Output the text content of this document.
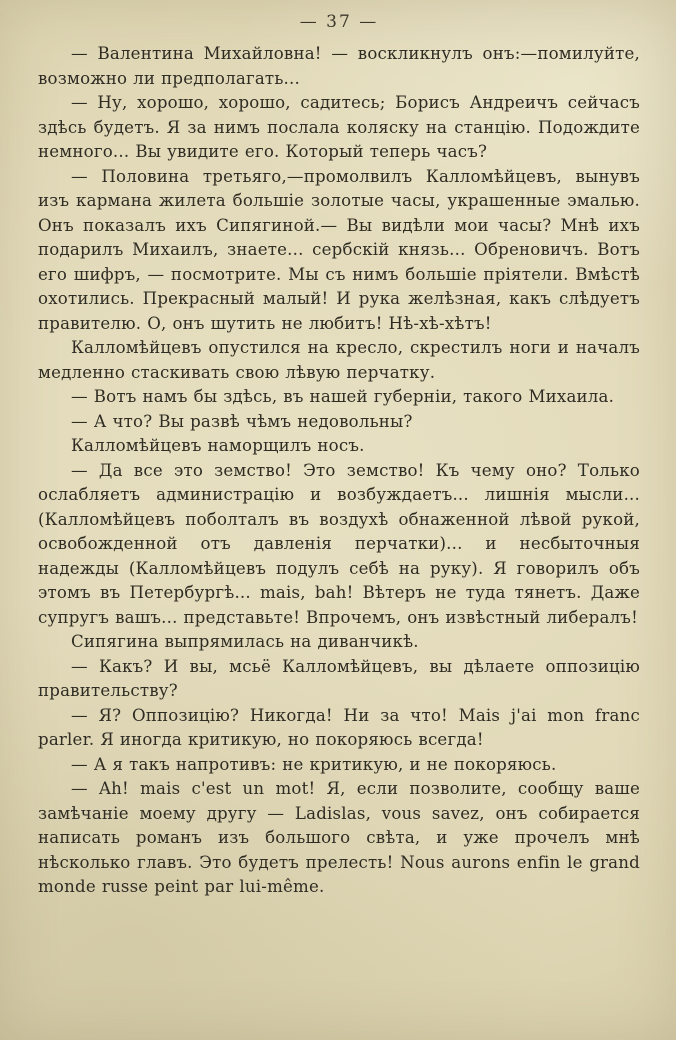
— 37 —

— Валентина Михайловна! — воскликнулъ онъ:—помилуйте, возможно ли предполагать...

— Ну, хорошо, хорошо, садитесь; Борисъ Андреичъ сейчасъ здѣсь будетъ. Я за нимъ послала коляску на станцію. Подождите немного... Вы увидите его. Который теперь часъ?

— Половина третьяго,—промолвилъ Калломѣйцевъ, вынувъ изъ кармана жилета большіе золотые часы, украшенные эмалью. Онъ показалъ ихъ Сипягиной.— Вы видѣли мои часы? Мнѣ ихъ подарилъ Михаилъ, знаете... сербскій князь... Обреновичъ. Вотъ его шифръ, — посмотрите. Мы съ нимъ большіе пріятели. Вмѣстѣ охотились. Прекрасный малый! И рука желѣзная, какъ слѣдуетъ правителю. О, онъ шутить не любитъ! Нѣ-хѣ-хѣтъ!

Калломѣйцевъ опустился на кресло, скрестилъ ноги и началъ медленно стаскивать свою лѣвую перчатку.

— Вотъ намъ бы здѣсь, въ нашей губерніи, такого Михаила.

— А что? Вы развѣ чѣмъ недовольны?

Калломѣйцевъ наморщилъ носъ.

— Да все это земство! Это земство! Къ чему оно? Только ослабляетъ администрацію и возбуждаетъ... лишнія мысли... (Калломѣйцевъ поболталъ въ воздухѣ обнаженной лѣвой рукой, освобожденной отъ давленія перчатки)... и несбыточныя надежды (Калломѣйцевъ подулъ себѣ на руку). Я говорилъ объ этомъ въ Петербургѣ... mais, bah! Вѣтеръ не туда тянетъ. Даже супругъ вашъ... представьте! Впрочемъ, онъ извѣстный либералъ!

Сипягина выпрямилась на диванчикѣ.

— Какъ? И вы, мсьё Калломѣйцевъ, вы дѣлаете оппозицію правительству?

— Я? Оппозицію? Никогда! Ни за что! Mais j'ai mon franc parler. Я иногда критикую, но покоряюсь всегда!

— А я такъ напротивъ: не критикую, и не покоряюсь.

— Ah! mais c'est un mot! Я, если позволите, сообщу ваше замѣчаніе моему другу — Ladislas, vous savez, онъ собирается написать романъ изъ большого свѣта, и уже прочелъ мнѣ нѣсколько главъ. Это будетъ прелесть! Nous aurons enfin le grand monde russe peint par lui-même.
